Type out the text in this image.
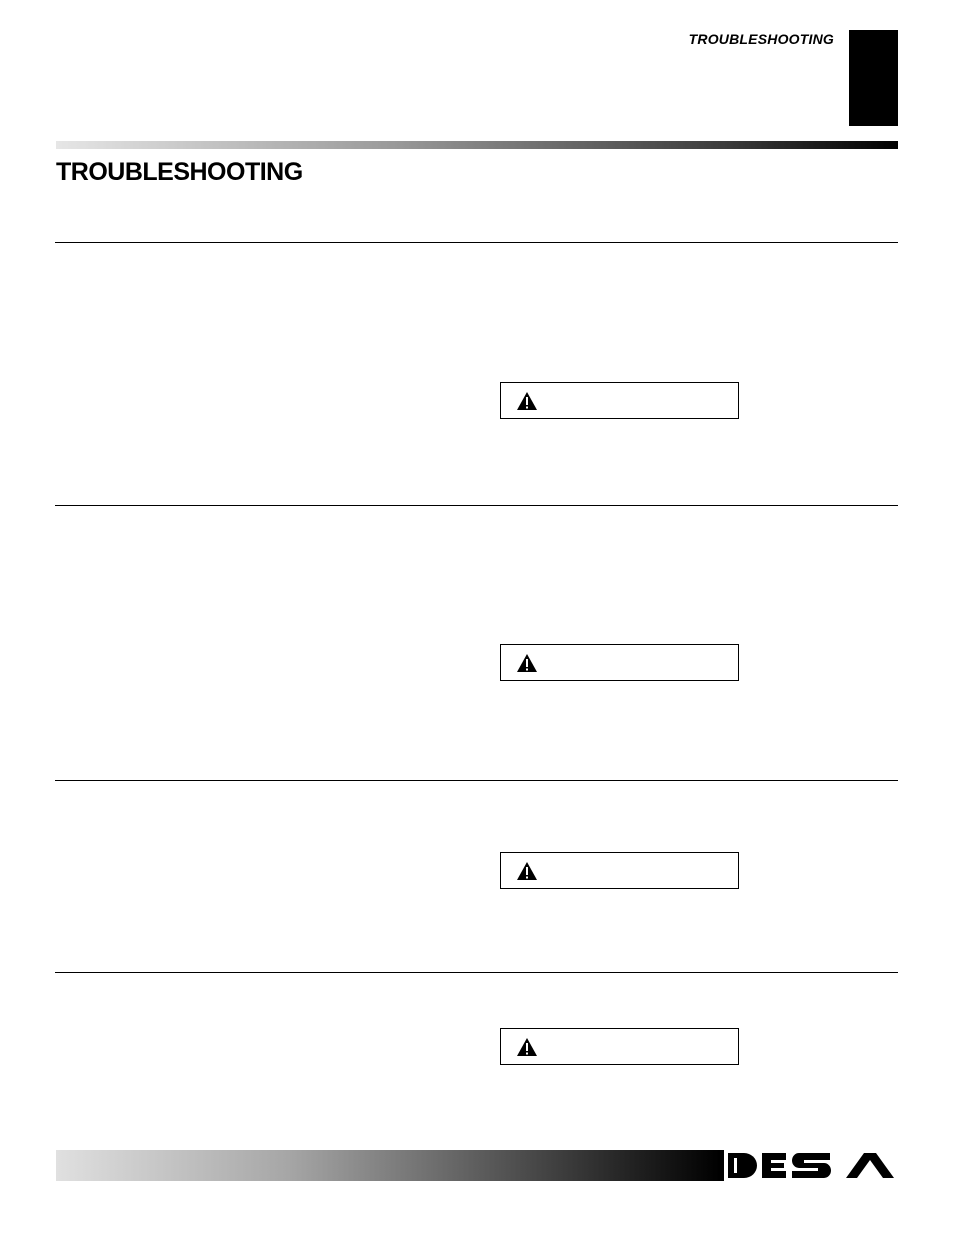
TROUBLESHOOTING
TROUBLESHOOTING
